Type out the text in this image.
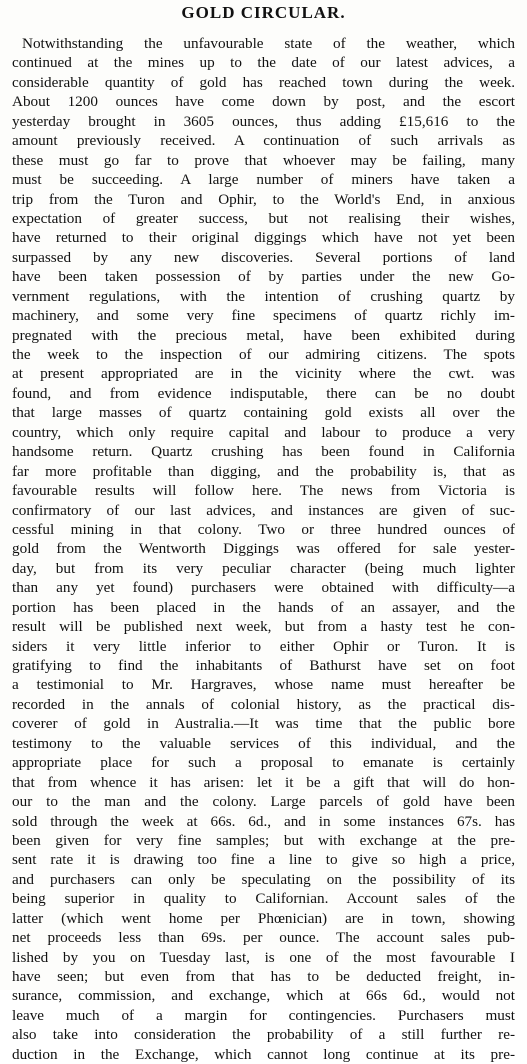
GOLD CIRCULAR.
Notwithstanding the unfavourable state of the weather, which
continued at the mines up to the date of our latest advices, a
considerable quantity of gold has reached town during the week.
About 1200 ounces have come down by post, and the escort
yesterday brought in 3605 ounces, thus adding £15,616 to the
amount previously received. A continuation of such arrivals as
these must go far to prove that whoever may be failing, many
must be succeeding. A large number of miners have taken a
trip from the Turon and Ophir, to the World's End, in anxious
expectation of greater success, but not realising their wishes,
have returned to their original diggings which have not yet been
surpassed by any new discoveries. Several portions of land
have been taken possession of by parties under the new Go-
vernment regulations, with the intention of crushing quartz by
machinery, and some very fine specimens of quartz richly im-
pregnated with the precious metal, have been exhibited during
the week to the inspection of our admiring citizens. The spots
at present appropriated are in the vicinity where the cwt. was
found, and from evidence indisputable, there can be no doubt
that large masses of quartz containing gold exists all over the
country, which only require capital and labour to produce a very
handsome return. Quartz crushing has been found in California
far more profitable than digging, and the probability is, that as
favourable results will follow here. The news from Victoria is
confirmatory of our last advices, and instances are given of suc-
cessful mining in that colony. Two or three hundred ounces of
gold from the Wentworth Diggings was offered for sale yester-
day, but from its very peculiar character (being much lighter
than any yet found) purchasers were obtained with difficulty—a
portion has been placed in the hands of an assayer, and the
result will be published next week, but from a hasty test he con-
siders it very little inferior to either Ophir or Turon. It is
gratifying to find the inhabitants of Bathurst have set on foot
a testimonial to Mr. Hargraves, whose name must hereafter be
recorded in the annals of colonial history, as the practical dis-
coverer of gold in Australia.—It was time that the public bore
testimony to the valuable services of this individual, and the
appropriate place for such a proposal to emanate is certainly
that from whence it has arisen: let it be a gift that will do hon-
our to the man and the colony. Large parcels of gold have been
sold through the week at 66s. 6d., and in some instances 67s. has
been given for very fine samples; but with exchange at the pre-
sent rate it is drawing too fine a line to give so high a price,
and purchasers can only be speculating on the possibility of its
being superior in quality to Californian. Account sales of the
latter (which went home per Phœnician) are in town, showing
net proceeds less than 69s. per ounce. The account sales pub-
lished by you on Tuesday last, is one of the most favourable I
have seen; but even from that has to be deducted freight, in-
surance, commission, and exchange, which at 66s 6d., would not
leave much of a margin for contingencies. Purchasers must
also take into consideration the probability of a still further re-
duction in the Exchange, which cannot long continue at its pre-
